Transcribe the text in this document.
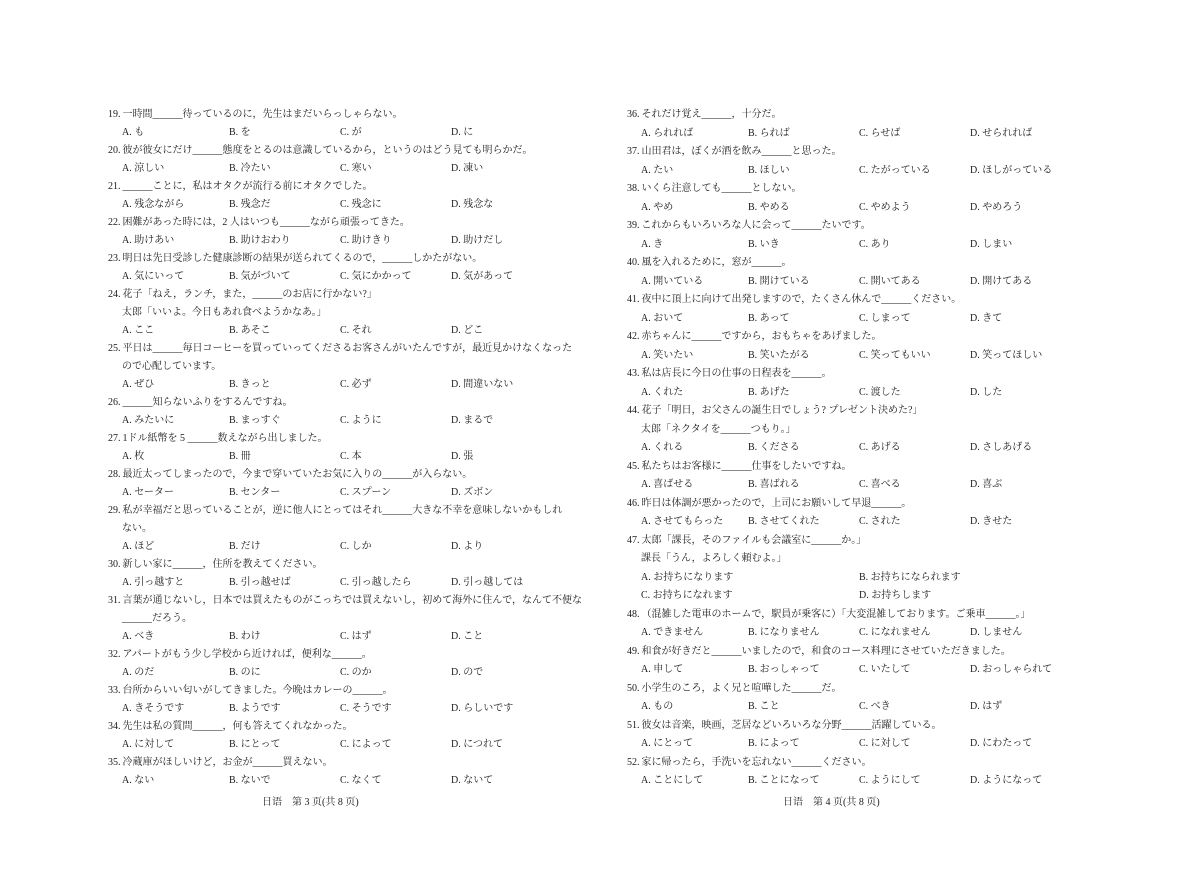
19. 一時間______待っているのに，先生はまだいらっしゃらない。
A. も	B. を	C. が	D. に
20. 彼が彼女にだけ______態度をとるのは意識しているから，というのはどう見ても明らかだ。
A. 涼しい	B. 冷たい	C. 寒い	D. 凍い
21. ______ことに，私はオタクが流行る前にオタクでした。
A. 残念ながら	B. 残念だ	C. 残念に	D. 残念な
22. 困難があった時には，2 人はいつも______ながら頑張ってきた。
A. 助けあい	B. 助けおわり	C. 助けきり	D. 助けだし
23. 明日は先日受診した健康診断の結果が送られてくるので，______しかたがない。
A. 気にいって	B. 気がづいて	C. 気にかかって	D. 気があって
24. 花子「ねえ，ランチ，また，______のお店に行かない?」
太郎「いいよ。今日もあれ食べようかなあ。」
A. ここ	B. あそこ	C. それ	D. どこ
25. 平日は______毎日コーヒーを買っていってくださるお客さんがいたんですが，最近見かけなくなった
ので心配しています。
A. ぜひ	B. きっと	C. 必ず	D. 間違いない
26. ______知らないふりをするんですね。
A. みたいに	B. まっすぐ	C. ように	D. まるで
27. 1ドル紙幣を 5 ______数えながら出しました。
A. 枚	B. 冊	C. 本	D. 張
28. 最近太ってしまったので，今まで穿いていたお気に入りの______が入らない。
A. セーター	B. センター	C. スプーン	D. ズボン
29. 私が幸福だと思っていることが，逆に他人にとってはそれ______大きな不幸を意味しないかもしれ
ない。
A. ほど	B. だけ	C. しか	D. より
30. 新しい家に______，住所を教えてください。
A. 引っ越すと	B. 引っ越せば	C. 引っ越したら	D. 引っ越しては
31. 言葉が通じないし，日本では買えたものがこっちでは買えないし，初めて海外に住んで，なんて不便な
______だろう。
A. べき	B. わけ	C. はず	D. こと
32. アパートがもう少し学校から近ければ，便利な______。
A. のだ	B. のに	C. のか	D. ので
33. 台所からいい匂いがしてきました。今晩はカレーの______。
A. きそうです	B. ようです	C. そうです	D. らしいです
34. 先生は私の質問______，何も答えてくれなかった。
A. に対して	B. にとって	C. によって	D. につれて
35. 冷蔵庫がほしいけど，お金が______買えない。
A. ない	B. ないで	C. なくて	D. ないて
36. それだけ覚え______，十分だ。
A. られれば	B. られば	C. らせば	D. せられれば
37. 山田君は，ぼくが酒を飲み______と思った。
A. たい	B. ほしい	C. たがっている	D. ほしがっている
38. いくら注意しても______としない。
A. やめ	B. やめる	C. やめよう	D. やめろう
39. これからもいろいろな人に会って______たいです。
A. き	B. いき	C. あり	D. しまい
40. 風を入れるために，窓が______。
A. 開いている	B. 開けている	C. 開いてある	D. 開けてある
41. 夜中に頂上に向けて出発しますので，たくさん休んで______ください。
A. おいて	B. あって	C. しまって	D. きて
42. 赤ちゃんに______ですから，おもちゃをあげました。
A. 笑いたい	B. 笑いたがる	C. 笑ってもいい	D. 笑ってほしい
43. 私は店長に今日の仕事の日程表を______。
A. くれた	B. あげた	C. 渡した	D. した
44. 花子「明日，お父さんの誕生日でしょう? プレゼント決めた?」
太郎「ネクタイを______つもり。」
A. くれる	B. くださる	C. あげる	D. さしあげる
45. 私たちはお客様に______仕事をしたいですね。
A. 喜ばせる	B. 喜ばれる	C. 喜べる	D. 喜ぶ
46. 昨日は体調が悪かったので，上司にお願いして早退______。
A. させてもらった B. させてくれた	C. された	D. きせた
47. 太郎「課長，そのファイルも会議室に______か。」
課長「うん，よろしく頼むよ。」
A. お持ちになります	B. お持ちになられます
C. お持ちになれます	D. お持ちします
48. （混雑した電車のホームで，駅員が乗客に）「大変混雑しております。ご乗車______。」
A. できません	B. になりません	C. になれません	D. しません
49. 和食が好きだと______いましたので，和食のコース料理にさせていただきました。
A. 申して	B. おっしゃって	C. いたして	D. おっしゃられて
50. 小学生のころ，よく兄と喧嘩した______だ。
A. もの	B. こと	C. べき	D. はず
51. 彼女は音楽，映画，芝居などいろいろな分野______活躍している。
A. にとって	B. によって	C. に対して	D. にわたって
52. 家に帰ったら，手洗いを忘れない______ください。
A. ことにして	B. ことになって	C. ようにして	D. ようになって
日语　第 3 页(共 8 页)	日语　第 4 页(共 8 页)
